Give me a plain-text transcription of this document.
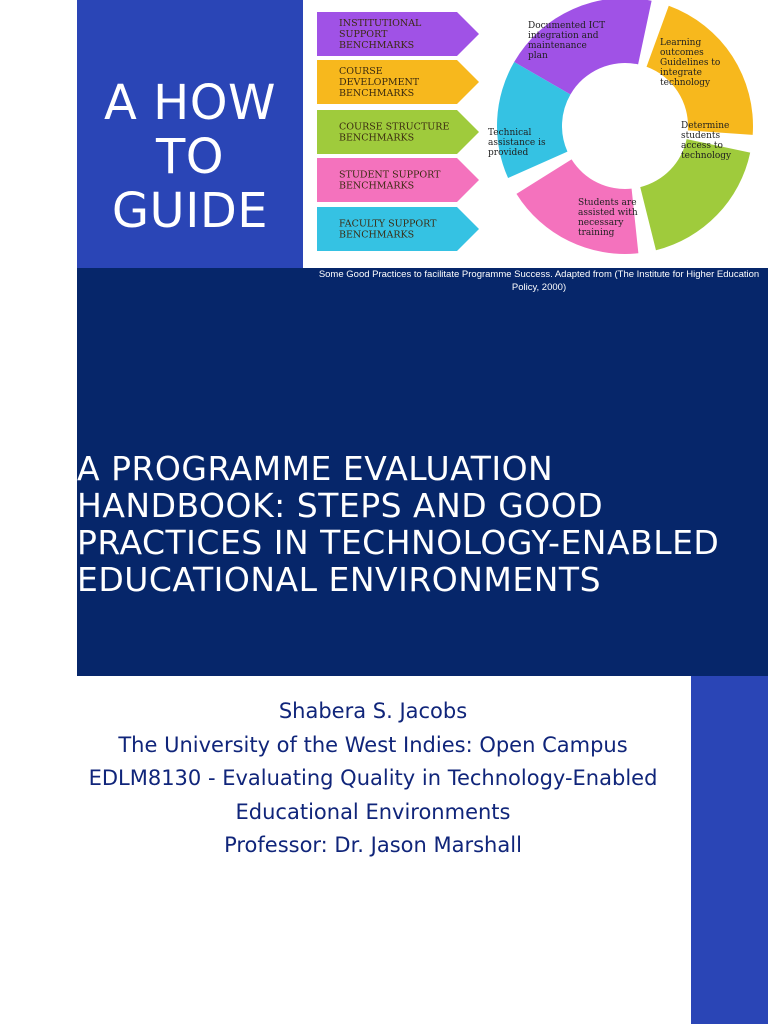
A HOW
TO
GUIDE
INSTITUTIONAL
SUPPORT
BENCHMARKS
COURSE
DEVELOPMENT
BENCHMARKS
COURSE STRUCTURE
BENCHMARKS
STUDENT SUPPORT
BENCHMARKS
FACULTY SUPPORT
BENCHMARKS
Documented ICT
integration and
maintenance
plan
Learning
outcomes
Guidelines to
integrate
technology
Determine
students
access to
technology
Students are
assisted with
necessary
training
Technical
assistance is
provided
Some Good Practices to facilitate Programme Success. Adapted from (The Institute for Higher Education Policy, 2000)
A PROGRAMME EVALUATION HANDBOOK: STEPS AND GOOD PRACTICES IN TECHNOLOGY-ENABLED EDUCATIONAL ENVIRONMENTS
Shabera S. Jacobs
The University of the West Indies: Open Campus
EDLM8130 - Evaluating Quality in Technology-Enabled Educational Environments
Professor: Dr. Jason Marshall
